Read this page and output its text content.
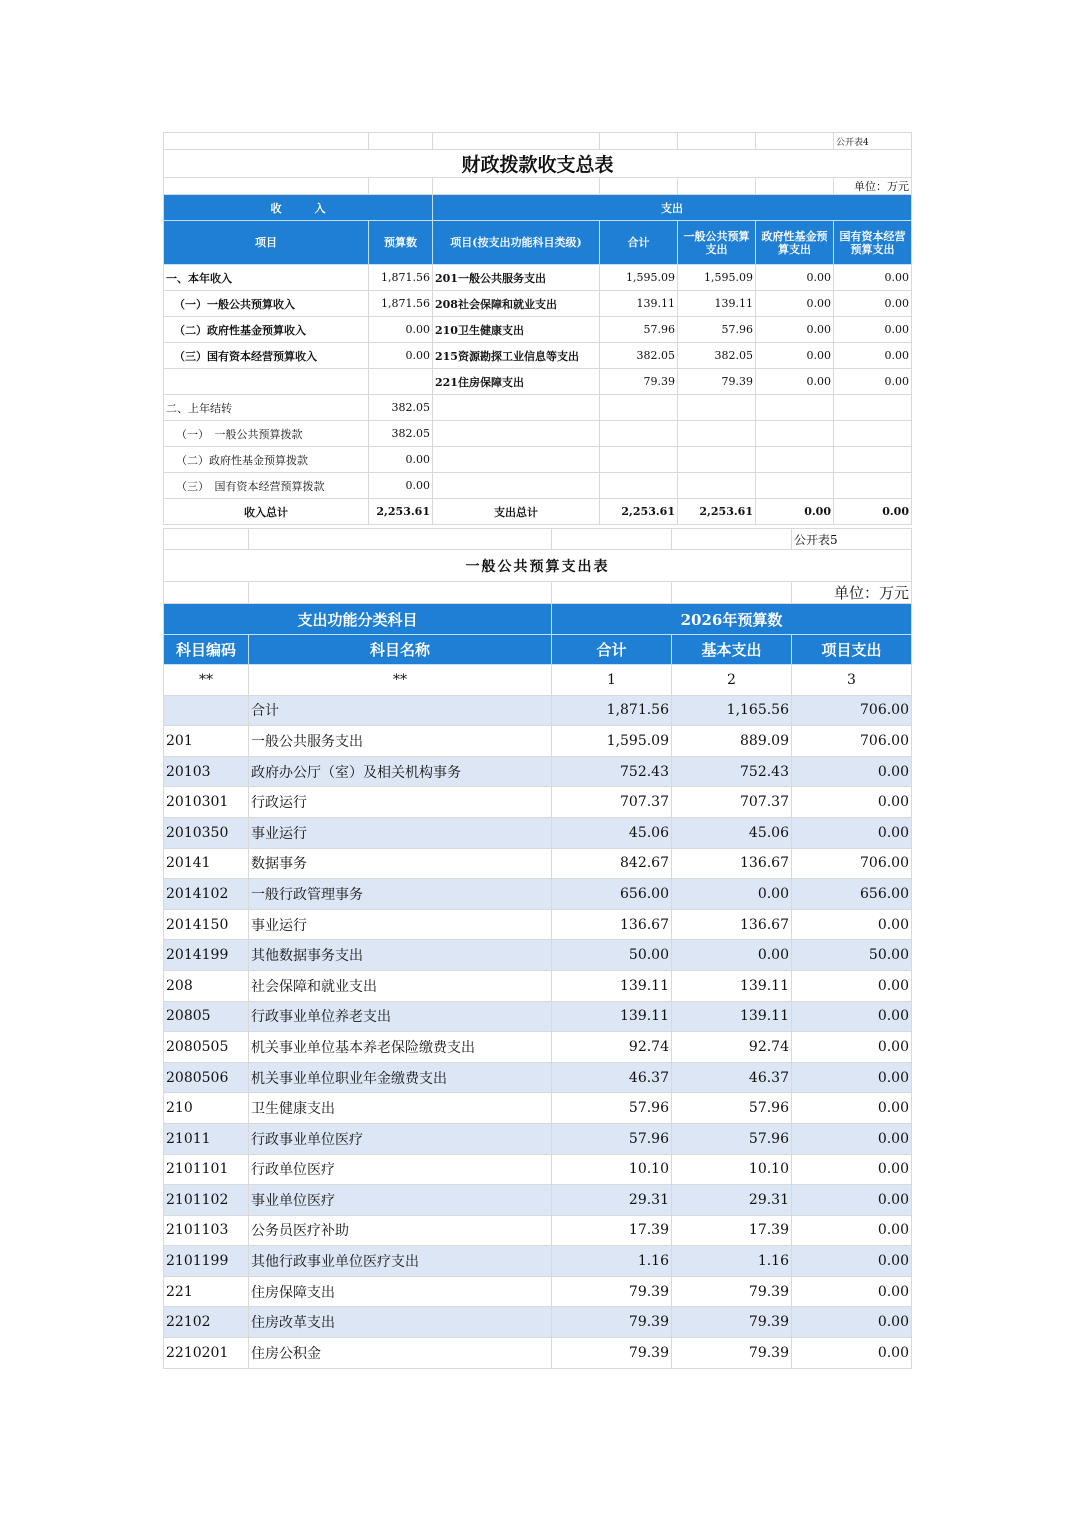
						公开表4
财政拨款收支总表						
						单位：万元
收　　　入		支出				
项目	预算数	项目(按支出功能科目类级)	合计	一般公共预算支出	政府性基金预算支出	国有资本经营预算支出
一、本年收入	1,871.56	201一般公共服务支出	1,595.09	1,595.09	0.00	0.00
（一）一般公共预算收入	1,871.56	208社会保障和就业支出	139.11	139.11	0.00	0.00
（二）政府性基金预算收入	0.00	210卫生健康支出	57.96	57.96	0.00	0.00
（三）国有资本经营预算收入	0.00	215资源勘探工业信息等支出	382.05	382.05	0.00	0.00
		221住房保障支出	79.39	79.39	0.00	0.00
二、上年结转	382.05					
（一）　一般公共预算拨款	382.05					
（二）政府性基金预算拨款	0.00					
（三）　国有资本经营预算拨款	0.00					
收入总计	2,253.61	支出总计	2,253.61	2,253.61	0.00	0.00
				公开表5
一般公共预算支出表				
				单位：万元
支出功能分类科目		2026年预算数		
科目编码	科目名称	合计	基本支出	项目支出
**	**	1	2	3
	合计	1,871.56	1,165.56	706.00
201	一般公共服务支出	1,595.09	889.09	706.00
20103	政府办公厅（室）及相关机构事务	752.43	752.43	0.00
2010301	行政运行	707.37	707.37	0.00
2010350	事业运行	45.06	45.06	0.00
20141	数据事务	842.67	136.67	706.00
2014102	一般行政管理事务	656.00	0.00	656.00
2014150	事业运行	136.67	136.67	0.00
2014199	其他数据事务支出	50.00	0.00	50.00
208	社会保障和就业支出	139.11	139.11	0.00
20805	行政事业单位养老支出	139.11	139.11	0.00
2080505	机关事业单位基本养老保险缴费支出	92.74	92.74	0.00
2080506	机关事业单位职业年金缴费支出	46.37	46.37	0.00
210	卫生健康支出	57.96	57.96	0.00
21011	行政事业单位医疗	57.96	57.96	0.00
2101101	行政单位医疗	10.10	10.10	0.00
2101102	事业单位医疗	29.31	29.31	0.00
2101103	公务员医疗补助	17.39	17.39	0.00
2101199	其他行政事业单位医疗支出	1.16	1.16	0.00
221	住房保障支出	79.39	79.39	0.00
22102	住房改革支出	79.39	79.39	0.00
2210201	住房公积金	79.39	79.39	0.00
